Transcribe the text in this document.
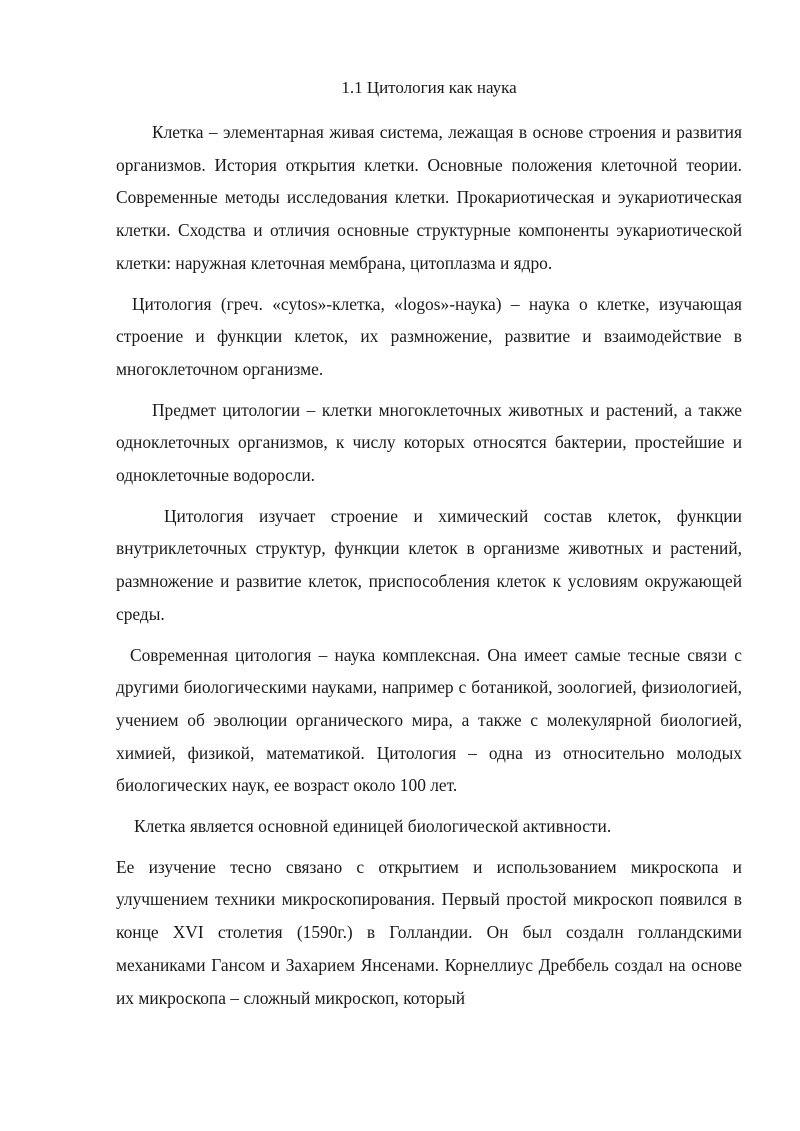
1.1 Цитология как наука

Клетка – элементарная живая система, лежащая в основе строения и развития организмов. История открытия клетки. Основные положения клеточной теории. Современные методы исследования клетки. Прокариотическая и эукариотическая клетки. Сходства и отличия основные структурные компоненты эукариотической клетки: наружная клеточная мембрана, цитоплазма и ядро.

Цитология (греч. «cytos»-клетка, «logos»-наука) – наука о клетке, изучающая строение и функции клеток, их размножение, развитие и взаимодействие в многоклеточном организме.

Предмет цитологии – клетки многоклеточных животных и растений, а также одноклеточных организмов, к числу которых относятся бактерии, простейшие и одноклеточные водоросли.

Цитология изучает строение и химический состав клеток, функции внутриклеточных структур, функции клеток в организме животных и растений, размножение и развитие клеток, приспособления клеток к условиям окружающей среды.

Современная цитология – наука комплексная. Она имеет самые тесные связи с другими биологическими науками, например с ботаникой, зоологией, физиологией, учением об эволюции органического мира, а также с молекулярной биологией, химией, физикой, математикой. Цитология – одна из относительно молодых биологических наук, ее возраст около 100 лет.

Клетка является основной единицей биологической активности.

Ее изучение тесно связано с открытием и использованием микроскопа и улучшением техники микроскопирования. Первый простой микроскоп появился в конце XVI столетия (1590г.) в Голландии. Он был создалн голландскими механиками Гансом и Захарием Янсенами. Корнеллиус Дреббель создал на основе их микроскопа – сложный микроскоп, который
